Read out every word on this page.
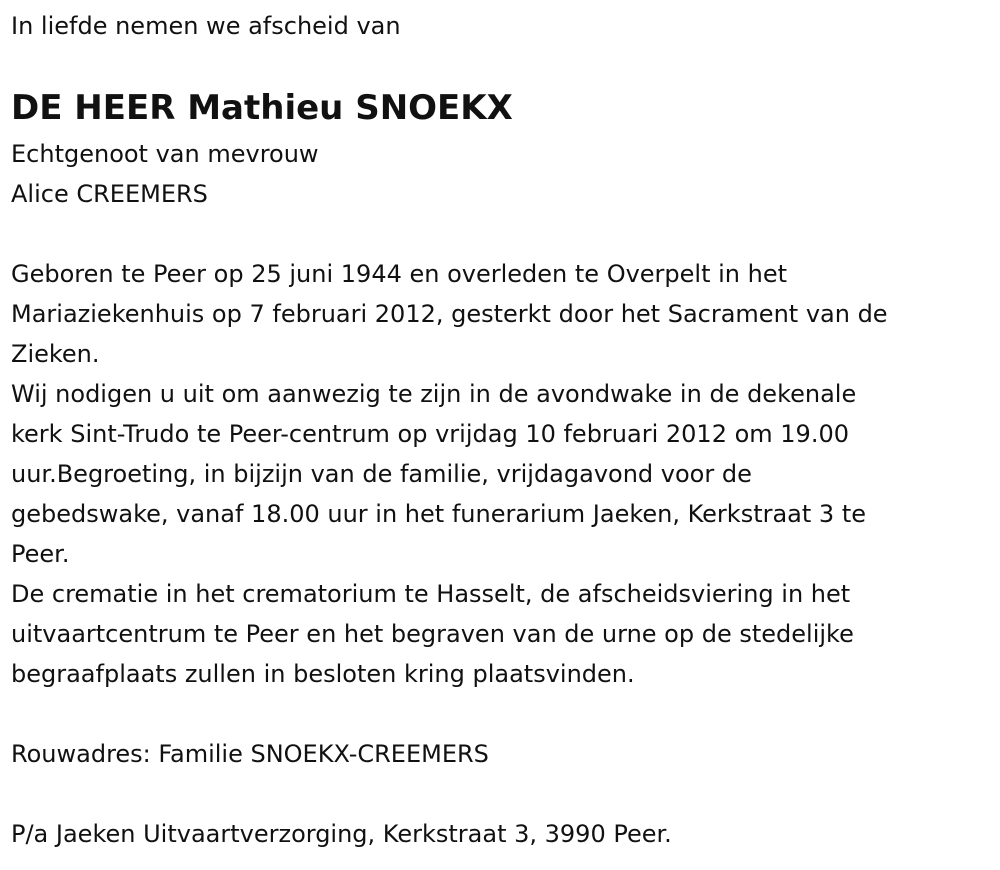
In liefde nemen we afscheid van

DE HEER Mathieu SNOEKX

Echtgenoot van mevrouw

Alice CREEMERS

Geboren te Peer op 25 juni 1944 en overleden te Overpelt in het

Mariaziekenhuis op 7 februari 2012, gesterkt door het Sacrament van de

Zieken.

Wij nodigen u uit om aanwezig te zijn in de avondwake in de dekenale

kerk Sint-Trudo te Peer-centrum op vrijdag 10 februari 2012 om 19.00

uur.Begroeting, in bijzijn van de familie, vrijdagavond voor de

gebedswake, vanaf 18.00 uur in het funerarium Jaeken, Kerkstraat 3 te

Peer.

De crematie in het crematorium te Hasselt, de afscheidsviering in het

uitvaartcentrum te Peer en het begraven van de urne op de stedelijke

begraafplaats zullen in besloten kring plaatsvinden.

Rouwadres: Familie SNOEKX-CREEMERS

P/a Jaeken Uitvaartverzorging, Kerkstraat 3, 3990 Peer.
